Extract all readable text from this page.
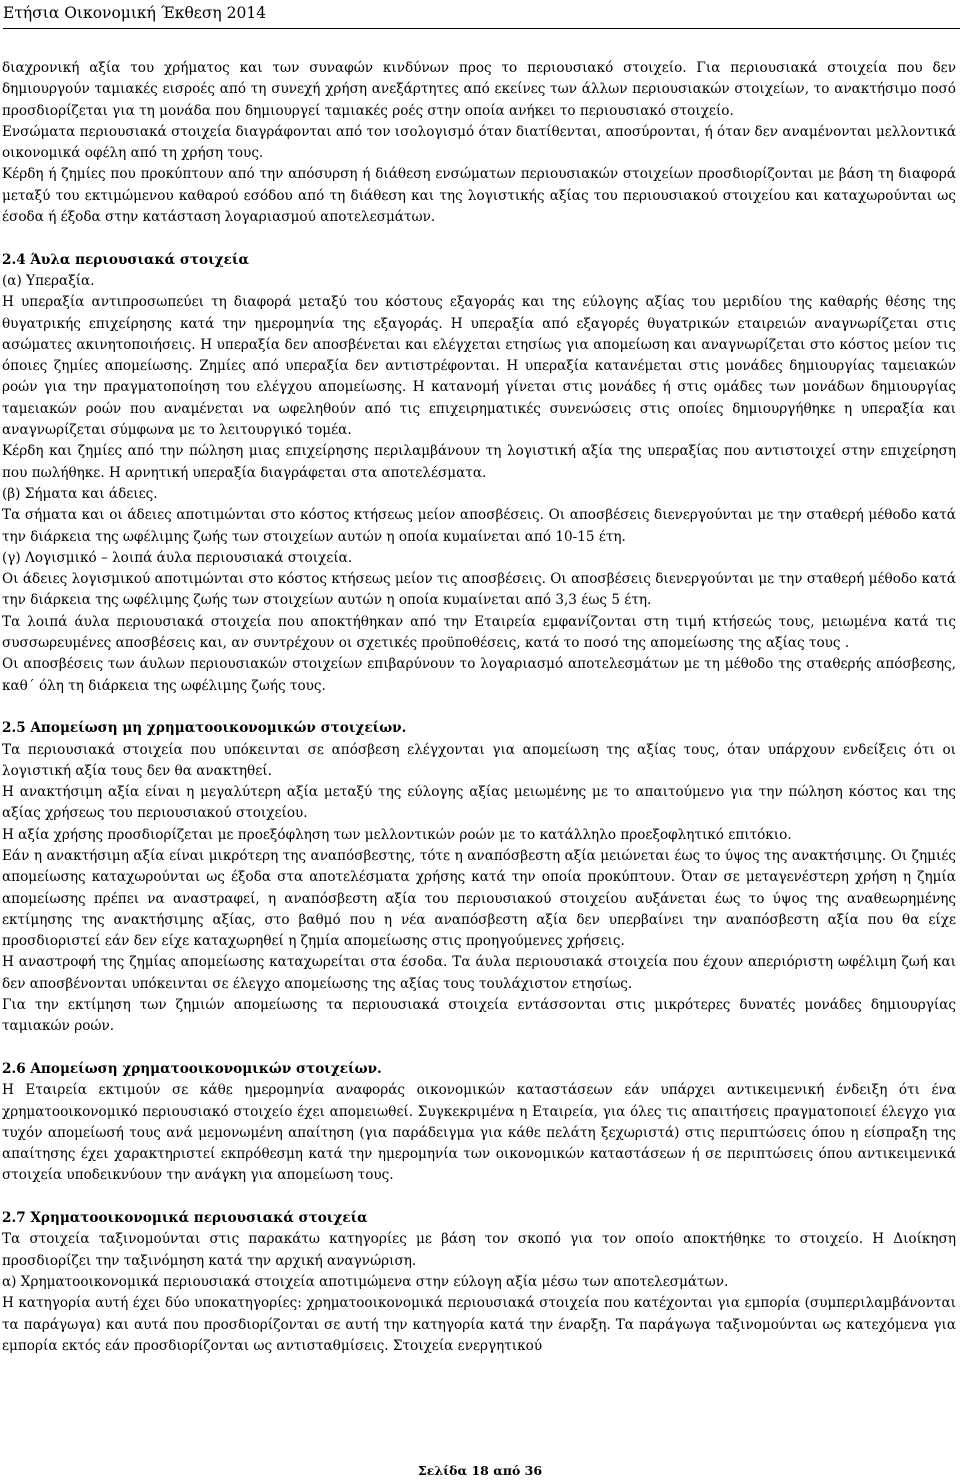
Ετήσια Οικονομική Έκθεση 2014

διαχρονική αξία του χρήματος και των συναφών κινδύνων προς το περιουσιακό στοιχείο. Για περιουσιακά στοιχεία που δεν δημιουργούν ταμιακές εισροές από τη συνεχή χρήση ανεξάρτητες από εκείνες των άλλων περιουσιακών στοιχείων, το ανακτήσιμο ποσό προσδιορίζεται για τη μονάδα που δημιουργεί ταμιακές ροές στην οποία ανήκει το περιουσιακό στοιχείο.

Ενσώματα περιουσιακά στοιχεία διαγράφονται από τον ισολογισμό όταν διατίθενται, αποσύρονται, ή όταν δεν αναμένονται μελλοντικά οικονομικά οφέλη από τη χρήση τους.

Κέρδη ή ζημίες που προκύπτουν από την απόσυρση ή διάθεση ενσώματων περιουσιακών στοιχείων προσδιορίζονται με βάση τη διαφορά μεταξύ του εκτιμώμενου καθαρού εσόδου από τη διάθεση και της λογιστικής αξίας του περιουσιακού στοιχείου και καταχωρούνται ως έσοδα ή έξοδα στην κατάσταση λογαριασμού αποτελεσμάτων.

2.4 Άυλα περιουσιακά στοιχεία

(α) Υπεραξία.

Η υπεραξία αντιπροσωπεύει τη διαφορά μεταξύ του κόστους εξαγοράς και της εύλογης αξίας του μεριδίου της καθαρής θέσης της θυγατρικής επιχείρησης κατά την ημερομηνία της εξαγοράς. Η υπεραξία από εξαγορές θυγατρικών εταιρειών αναγνωρίζεται στις ασώματες ακινητοποιήσεις. Η υπεραξία δεν αποσβένεται και ελέγχεται ετησίως για απομείωση και αναγνωρίζεται στο κόστος μείον τις όποιες ζημίες απομείωσης. Ζημίες από υπεραξία δεν αντιστρέφονται. Η υπεραξία κατανέμεται στις μονάδες δημιουργίας ταμειακών ροών για την πραγματοποίηση του ελέγχου απομείωσης. Η κατανομή γίνεται στις μονάδες ή στις ομάδες των μονάδων δημιουργίας ταμειακών ροών που αναμένεται να ωφεληθούν από τις επιχειρηματικές συνενώσεις στις οποίες δημιουργήθηκε η υπεραξία και αναγνωρίζεται σύμφωνα με το λειτουργικό τομέα.

Κέρδη και ζημίες από την πώληση μιας επιχείρησης περιλαμβάνουν τη λογιστική αξία της υπεραξίας που αντιστοιχεί στην επιχείρηση που πωλήθηκε. Η αρνητική υπεραξία διαγράφεται στα αποτελέσματα.

(β) Σήματα και άδειες.

Τα σήματα και οι άδειες αποτιμώνται στο κόστος κτήσεως μείον αποσβέσεις. Οι αποσβέσεις διενεργούνται με την σταθερή μέθοδο κατά την διάρκεια της ωφέλιμης ζωής των στοιχείων αυτών η οποία κυμαίνεται από 10-15 έτη.

(γ) Λογισμικό – λοιπά άυλα περιουσιακά στοιχεία.

Οι άδειες λογισμικού αποτιμώνται στο κόστος κτήσεως μείον τις αποσβέσεις. Οι αποσβέσεις διενεργούνται με την σταθερή μέθοδο κατά την διάρκεια της ωφέλιμης ζωής των στοιχείων αυτών η οποία κυμαίνεται από 3,3 έως 5 έτη.

Τα λοιπά άυλα περιουσιακά στοιχεία που αποκτήθηκαν από την Εταιρεία εμφανίζονται στη τιμή κτήσεώς τους, μειωμένα κατά τις συσσωρευμένες αποσβέσεις και, αν συντρέχουν οι σχετικές προϋποθέσεις, κατά το ποσό της απομείωσης της αξίας τους .

Οι αποσβέσεις των άυλων περιουσιακών στοιχείων επιβαρύνουν το λογαριασμό αποτελεσμάτων με τη μέθοδο της σταθερής απόσβεσης, καθ΄ όλη τη διάρκεια της ωφέλιμης ζωής τους.

2.5 Απομείωση μη χρηματοοικονομικών στοιχείων.

Τα περιουσιακά στοιχεία που υπόκεινται σε απόσβεση ελέγχονται για απομείωση της αξίας τους, όταν υπάρχουν ενδείξεις ότι οι λογιστική αξία τους δεν θα ανακτηθεί.

Η ανακτήσιμη αξία είναι η μεγαλύτερη αξία μεταξύ της εύλογης αξίας μειωμένης με το απαιτούμενο για την πώληση κόστος και της αξίας χρήσεως του περιουσιακού στοιχείου.

Η αξία χρήσης προσδιορίζεται με προεξόφληση των μελλοντικών ροών με το κατάλληλο προεξοφλητικό επιτόκιο.

Εάν η ανακτήσιμη αξία είναι μικρότερη της αναπόσβεστης, τότε η αναπόσβεστη αξία μειώνεται έως το ύψος της ανακτήσιμης. Οι ζημιές απομείωσης καταχωρούνται ως έξοδα στα αποτελέσματα χρήσης κατά την οποία προκύπτουν. Όταν σε μεταγενέστερη χρήση η ζημία απομείωσης πρέπει να αναστραφεί, η αναπόσβεστη αξία του περιουσιακού στοιχείου αυξάνεται έως το ύψος της αναθεωρημένης εκτίμησης της ανακτήσιμης αξίας, στο βαθμό που η νέα αναπόσβεστη αξία δεν υπερβαίνει την αναπόσβεστη αξία που θα είχε προσδιοριστεί εάν δεν είχε καταχωρηθεί η ζημία απομείωσης στις προηγούμενες χρήσεις.

Η αναστροφή της ζημίας απομείωσης καταχωρείται στα έσοδα. Τα άυλα περιουσιακά στοιχεία που έχουν απεριόριστη ωφέλιμη ζωή και δεν αποσβένονται υπόκεινται σε έλεγχο απομείωσης της αξίας τους τουλάχιστον ετησίως.

Για την εκτίμηση των ζημιών απομείωσης τα περιουσιακά στοιχεία εντάσσονται στις μικρότερες δυνατές μονάδες δημιουργίας ταμιακών ροών.

2.6 Απομείωση χρηματοοικονομικών στοιχείων.

Η Εταιρεία εκτιμούν σε κάθε ημερομηνία αναφοράς οικονομικών καταστάσεων εάν υπάρχει αντικειμενική ένδειξη ότι ένα χρηματοοικονομικό περιουσιακό στοιχείο έχει απομειωθεί. Συγκεκριμένα η Εταιρεία, για όλες τις απαιτήσεις πραγματοποιεί έλεγχο για τυχόν απομείωσή τους ανά μεμονωμένη απαίτηση (για παράδειγμα για κάθε πελάτη ξεχωριστά) στις περιπτώσεις όπου η είσπραξη της απαίτησης έχει χαρακτηριστεί εκπρόθεσμη κατά την ημερομηνία των οικονομικών καταστάσεων ή σε περιπτώσεις όπου αντικειμενικά στοιχεία υποδεικνύουν την ανάγκη για απομείωση τους.

2.7 Χρηματοοικονομικά περιουσιακά στοιχεία

Τα στοιχεία ταξινομούνται στις παρακάτω κατηγορίες με βάση τον σκοπό για τον οποίο αποκτήθηκε το στοιχείο. Η Διοίκηση προσδιορίζει την ταξινόμηση κατά την αρχική αναγνώριση.

α) Χρηματοοικονομικά περιουσιακά στοιχεία αποτιμώμενα στην εύλογη αξία μέσω των αποτελεσμάτων.

Η κατηγορία αυτή έχει δύο υποκατηγορίες: χρηματοοικονομικά περιουσιακά στοιχεία που κατέχονται για εμπορία (συμπεριλαμβάνονται τα παράγωγα) και αυτά που προσδιορίζονται σε αυτή την κατηγορία κατά την έναρξη. Τα παράγωγα ταξινομούνται ως κατεχόμενα για εμπορία εκτός εάν προσδιορίζονται ως αντισταθμίσεις. Στοιχεία ενεργητικού

Σελίδα 18 από 36
